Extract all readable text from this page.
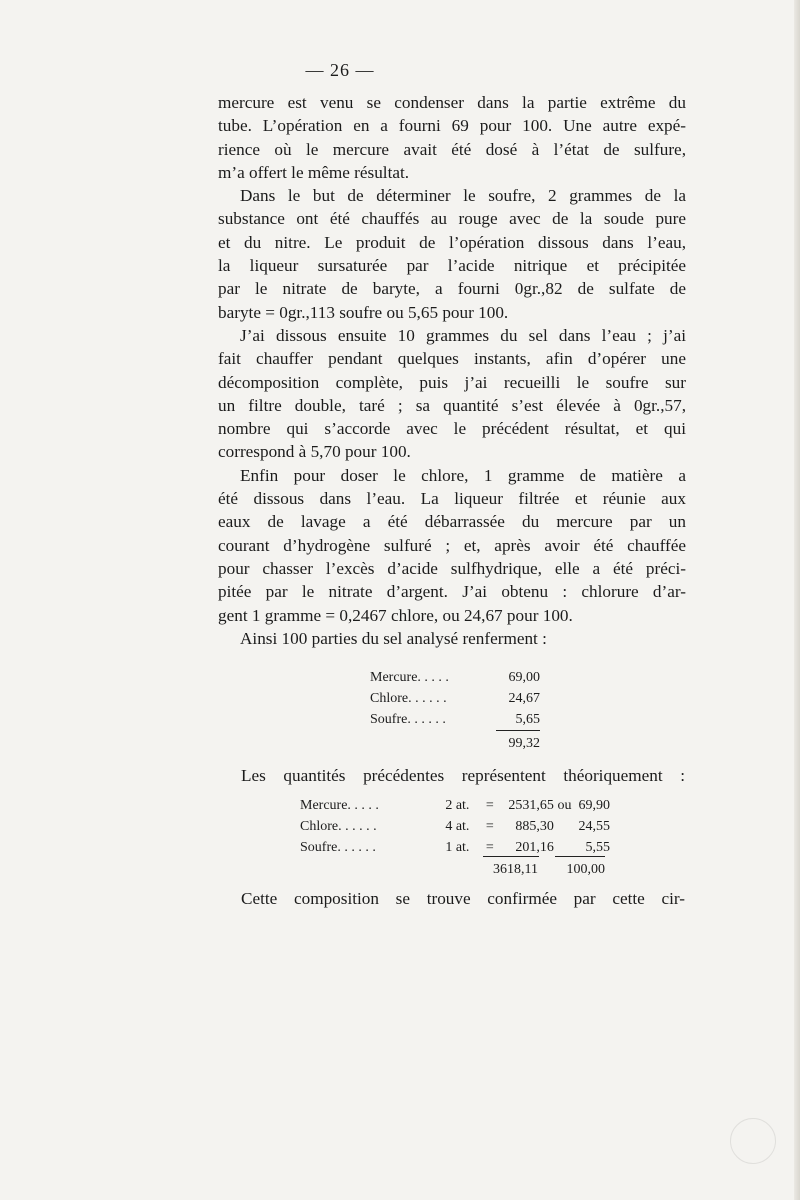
— 26 —

mercure est venu se condenser dans la partie extrême du
tube. L’opération en a fourni 69 pour 100. Une autre expé-
rience où le mercure avait été dosé à l’état de sulfure,
m’a offert le même résultat.

Dans le but de déterminer le soufre, 2 grammes de la
substance ont été chauffés au rouge avec de la soude pure
et du nitre. Le produit de l’opération dissous dans l’eau,
la liqueur sursaturée par l’acide nitrique et précipitée
par le nitrate de baryte, a fourni 0gr.,82 de sulfate de
baryte = 0gr.,113 soufre ou 5,65 pour 100.

J’ai dissous ensuite 10 grammes du sel dans l’eau ; j’ai
fait chauffer pendant quelques instants, afin d’opérer une
décomposition complète, puis j’ai recueilli le soufre sur
un filtre double, taré ; sa quantité s’est élevée à 0gr.,57,
nombre qui s’accorde avec le précédent résultat, et qui
correspond à 5,70 pour 100.

Enfin pour doser le chlore, 1 gramme de matière a
été dissous dans l’eau. La liqueur filtrée et réunie aux
eaux de lavage a été débarrassée du mercure par un
courant d’hydrogène sulfuré ; et, après avoir été chauffée
pour chasser l’excès d’acide sulfhydrique, elle a été préci-
pitée par le nitrate d’argent. J’ai obtenu : chlorure d’ar-
gent 1 gramme = 0,2467 chlore, ou 24,67 pour 100.

Ainsi 100 parties du sel analysé renferment :

Mercure. . . . .	69,00
Chlore. . . . . .	24,67
Soufre. . . . . .	5,65
99,32
Les quantités précédentes représentent théoriquement :
Mercure. . . . .	2 at.	=	2531,65 ou 69,90
Chlore. . . . . .	4 at.	=	885,30 24,55
Soufre. . . . . .	1 at.	=	201,16	5,55
3618,11	100,00
Cette composition se trouve confirmée par cette cir-
